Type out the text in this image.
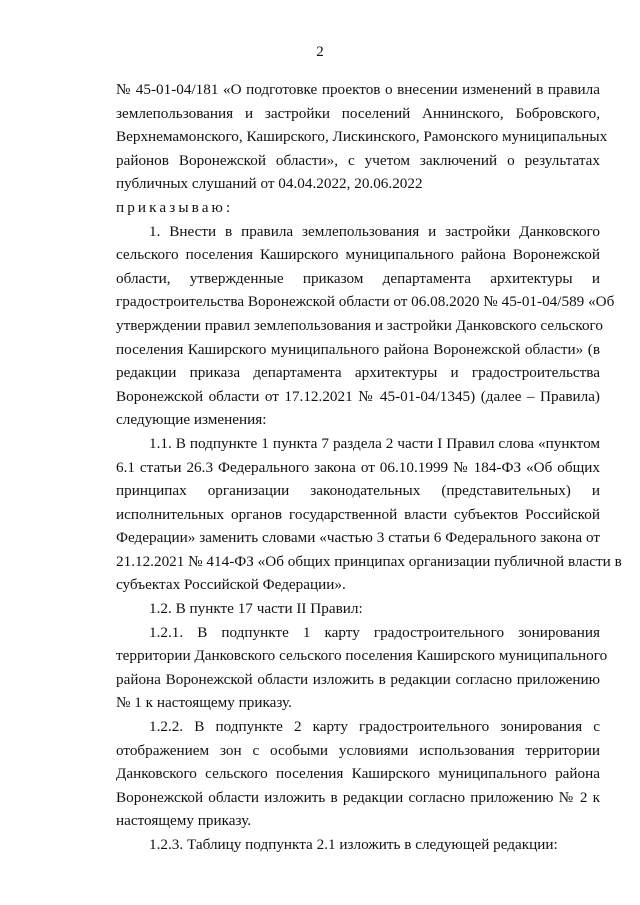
2
№ 45-01-04/181 «О подготовке проектов о внесении изменений в правила
землепользования и застройки поселений Аннинского, Бобровского,
Верхнемамонского, Каширского, Лискинского, Рамонского муниципальных
районов Воронежской области», с учетом заключений о результатах
публичных слушаний от 04.04.2022, 20.06.2022
приказываю:
1. Внести в правила землепользования и застройки Данковского
сельского поселения Каширского муниципального района Воронежской
области, утвержденные приказом департамента архитектуры и
градостроительства Воронежской области от 06.08.2020 № 45-01-04/589 «Об
утверждении правил землепользования и застройки Данковского сельского
поселения Каширского муниципального района Воронежской области» (в
редакции приказа департамента архитектуры и градостроительства
Воронежской области от 17.12.2021 № 45-01-04/1345) (далее – Правила)
следующие изменения:
1.1. В подпункте 1 пункта 7 раздела 2 части I Правил слова «пунктом
6.1 статьи 26.3 Федерального закона от 06.10.1999 № 184-ФЗ «Об общих
принципах организации законодательных (представительных) и
исполнительных органов государственной власти субъектов Российской
Федерации» заменить словами «частью 3 статьи 6 Федерального закона от
21.12.2021 № 414-ФЗ «Об общих принципах организации публичной власти в
субъектах Российской Федерации».
1.2. В пункте 17 части II Правил:
1.2.1. В подпункте 1 карту градостроительного зонирования
территории Данковского сельского поселения Каширского муниципального
района Воронежской области изложить в редакции согласно приложению
№ 1 к настоящему приказу.
1.2.2. В подпункте 2 карту градостроительного зонирования с
отображением зон с особыми условиями использования территории
Данковского сельского поселения Каширского муниципального района
Воронежской области изложить в редакции согласно приложению № 2 к
настоящему приказу.
1.2.3. Таблицу подпункта 2.1 изложить в следующей редакции:
